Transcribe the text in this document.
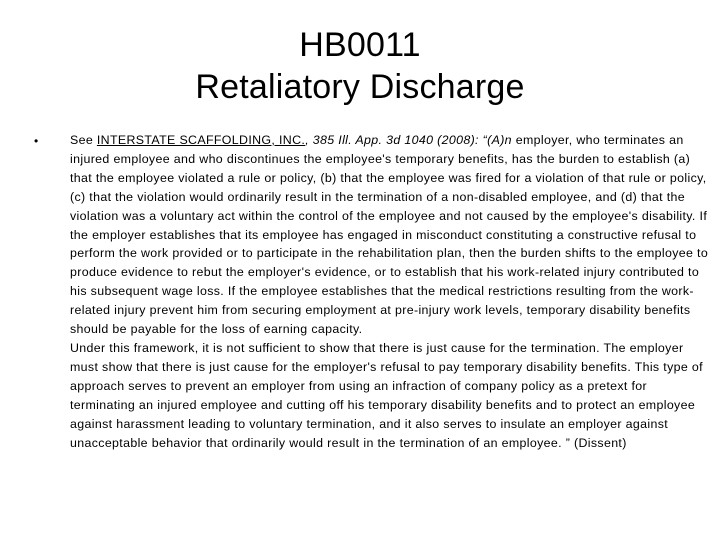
HB0011
Retaliatory Discharge
•	See INTERSTATE SCAFFOLDING, INC., 385 Ill. App. 3d 1040 (2008): “(A)n employer, who terminates an injured employee and who discontinues the employee's temporary benefits, has the burden to establish (a) that the employee violated a rule or policy, (b) that the employee was fired for a violation of that rule or policy, (c) that the violation would ordinarily result in the termination of a non-disabled employee, and (d) that the violation was a voluntary act within the control of the employee and not caused by the employee's disability. If the employer establishes that its employee has engaged in misconduct constituting a constructive refusal to perform the work provided or to participate in the rehabilitation plan, then the burden shifts to the employee to produce evidence to rebut the employer's evidence, or to establish that his work-related injury contributed to his subsequent wage loss. If the employee establishes that the medical restrictions resulting from the work-related injury prevent him from securing employment at pre-injury work levels, temporary disability benefits should be payable for the loss of earning capacity.

Under this framework, it is not sufficient to show that there is just cause for the termination. The employer must show that there is just cause for the employer's refusal to pay temporary disability benefits. This type of approach serves to prevent an employer from using an infraction of company policy as a pretext for terminating an injured employee and cutting off his temporary disability benefits and to protect an employee against harassment leading to voluntary termination, and it also serves to insulate an employer against unacceptable behavior that ordinarily would result in the termination of an employee. ” (Dissent)
